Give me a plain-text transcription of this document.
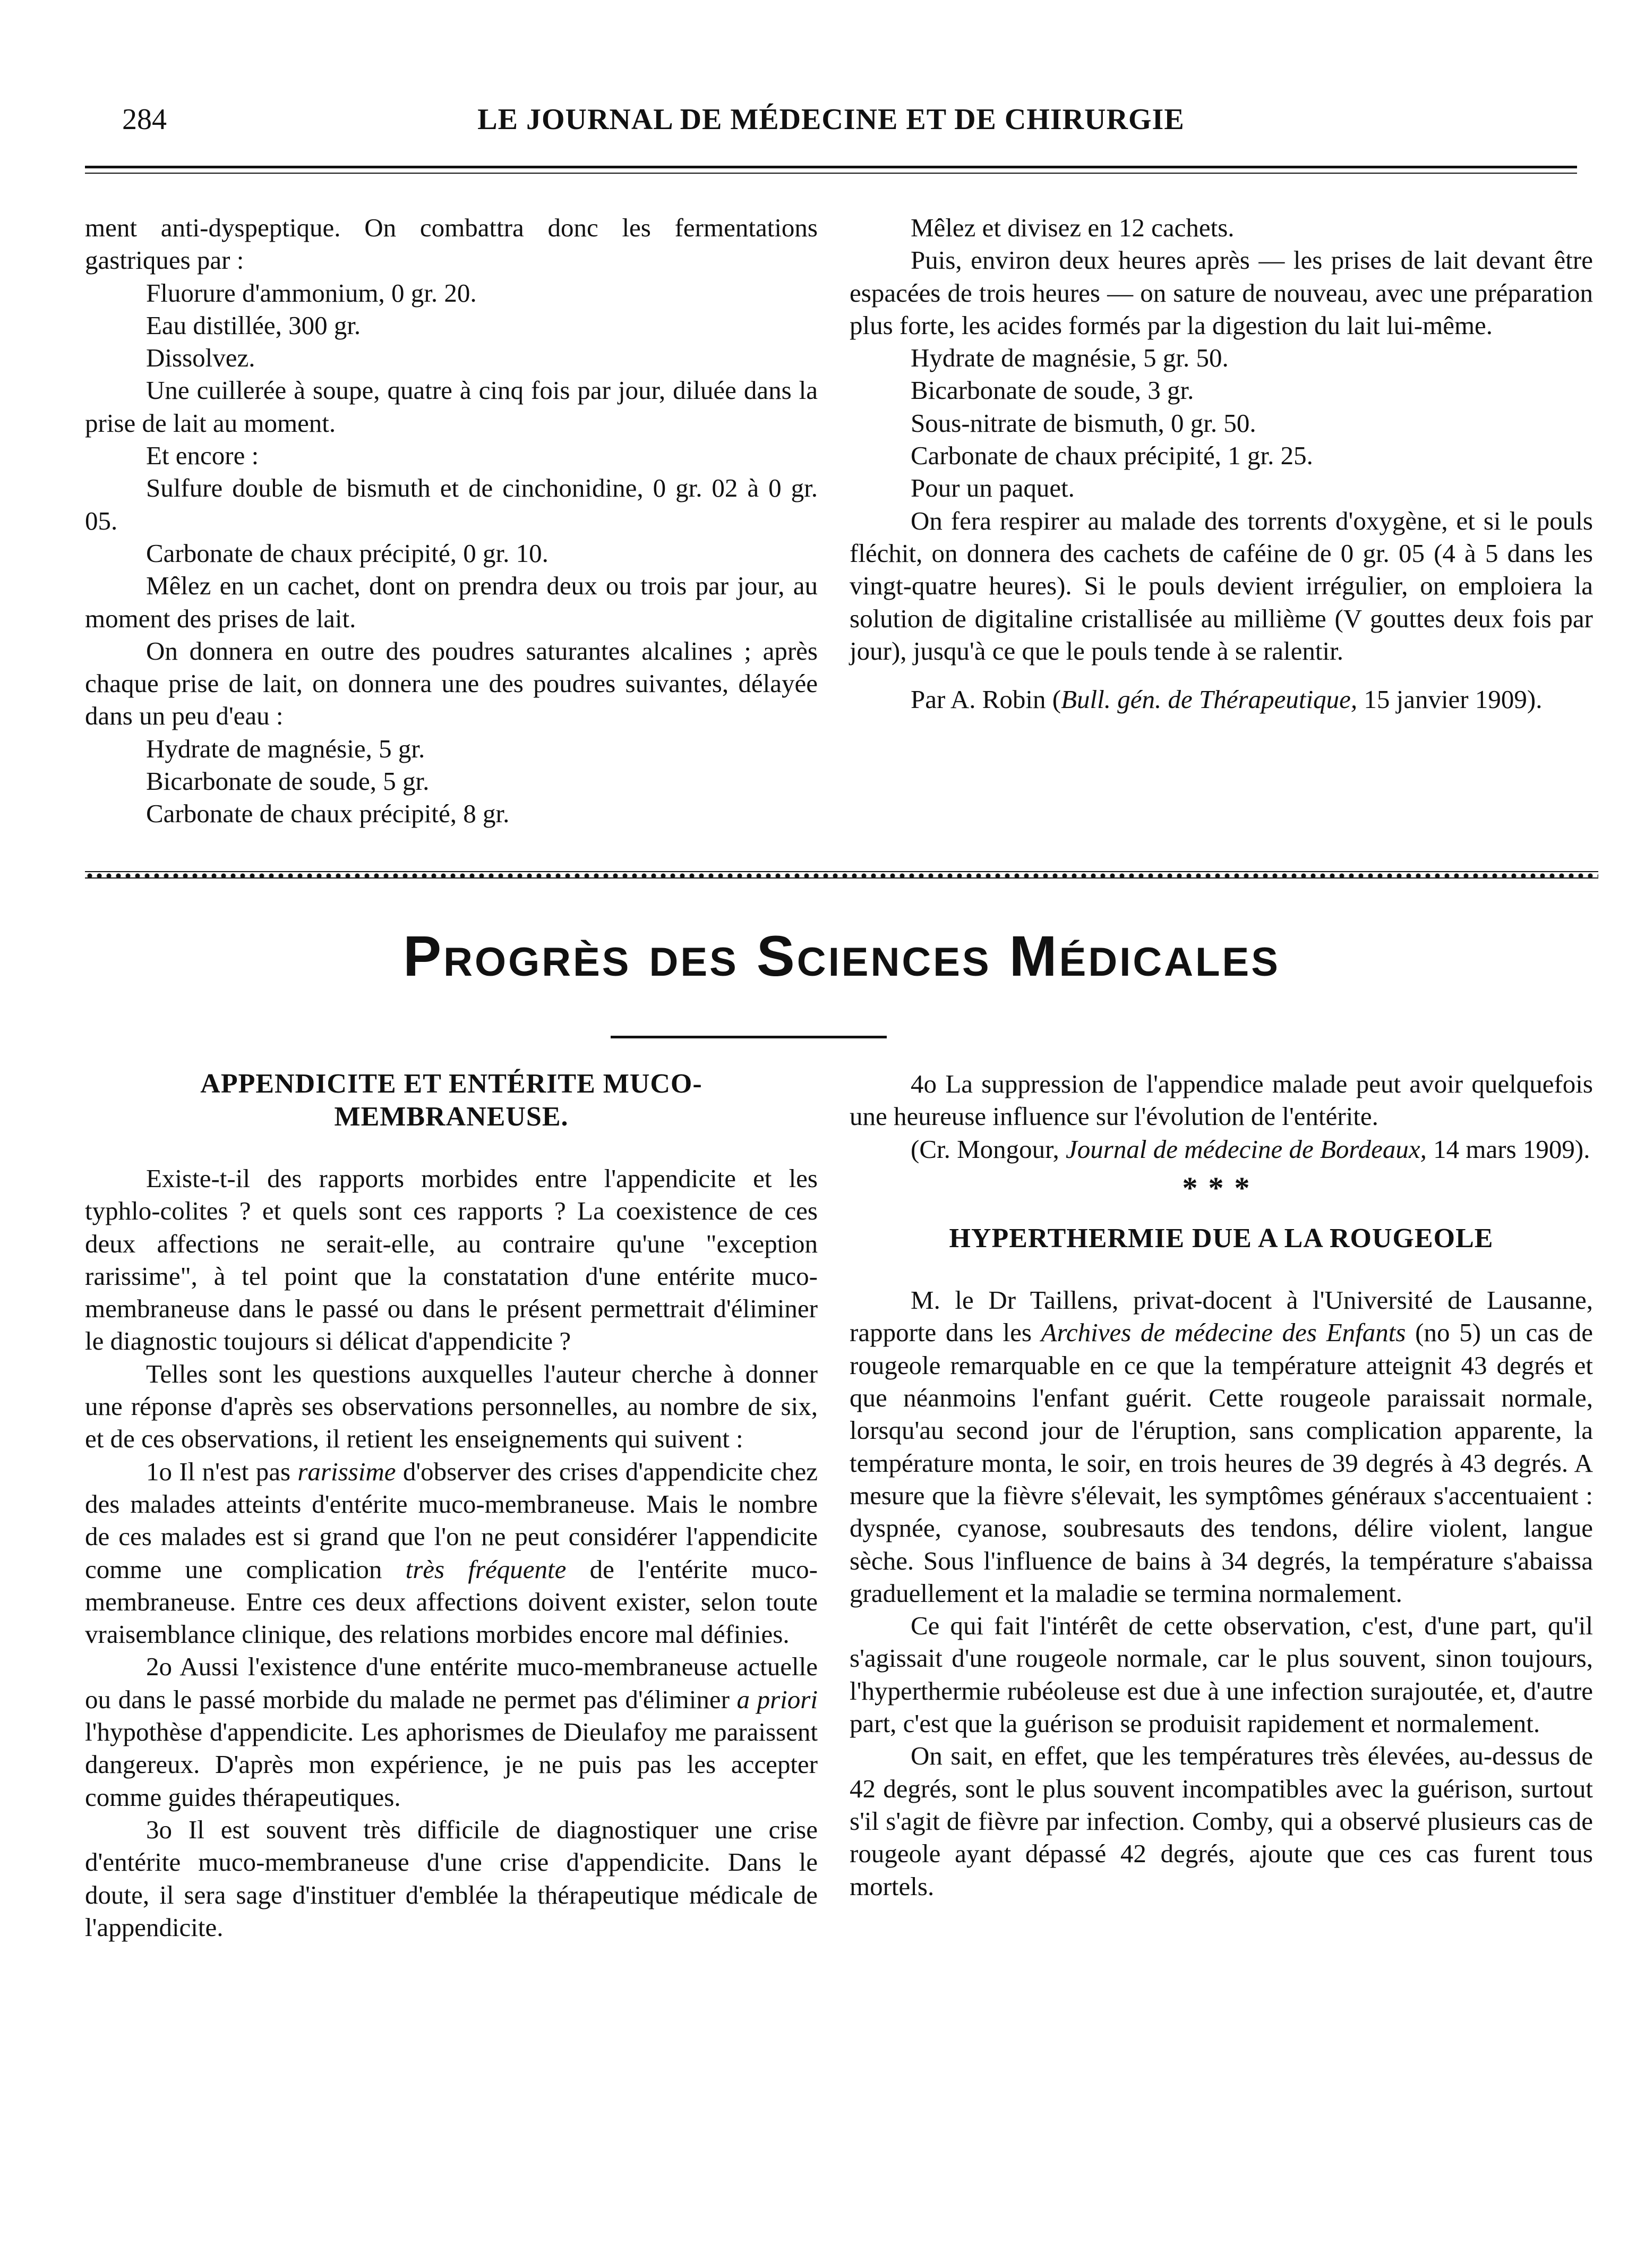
284	LE JOURNAL DE MÉDECINE ET DE CHIRURGIE

ment anti-dyspeptique. On combattra donc les fermentations gastriques par :

Fluorure d'ammonium, 0 gr. 20.

Eau distillée, 300 gr.

Dissolvez.

Une cuillerée à soupe, quatre à cinq fois par jour, diluée dans la prise de lait au moment.

Et encore :

Sulfure double de bismuth et de cinchonidine, 0 gr. 02 à 0 gr. 05.

Carbonate de chaux précipité, 0 gr. 10.

Mêlez en un cachet, dont on prendra deux ou trois par jour, au moment des prises de lait.

On donnera en outre des poudres saturantes alcalines ; après chaque prise de lait, on donnera une des poudres suivantes, délayée dans un peu d'eau :

Hydrate de magnésie, 5 gr.

Bicarbonate de soude, 5 gr.

Carbonate de chaux précipité, 8 gr.

Mêlez et divisez en 12 cachets.

Puis, environ deux heures après — les prises de lait devant être espacées de trois heures — on sature de nouveau, avec une préparation plus forte, les acides formés par la digestion du lait lui-même.

Hydrate de magnésie, 5 gr. 50.

Bicarbonate de soude, 3 gr.

Sous-nitrate de bismuth, 0 gr. 50.

Carbonate de chaux précipité, 1 gr. 25.

Pour un paquet.

On fera respirer au malade des torrents d'oxygène, et si le pouls fléchit, on donnera des cachets de caféine de 0 gr. 05 (4 à 5 dans les vingt-quatre heures). Si le pouls devient irrégulier, on emploiera la solution de digitaline cristallisée au millième (V gouttes deux fois par jour), jusqu'à ce que le pouls tende à se ralentir.

Par A. Robin (Bull. gén. de Thérapeutique, 15 janvier 1909).

Progrès des Sciences Médicales
APPENDICITE ET ENTÉRITE MUCO-MEMBRANEUSE.

Existe-t-il des rapports morbides entre l'appendicite et les typhlo-colites ? et quels sont ces rapports ? La coexistence de ces deux affections ne serait-elle, au contraire qu'une "exception rarissime", à tel point que la constatation d'une entérite muco-membraneuse dans le passé ou dans le présent permettrait d'éliminer le diagnostic toujours si délicat d'appendicite ?

Telles sont les questions auxquelles l'auteur cherche à donner une réponse d'après ses observations personnelles, au nombre de six, et de ces observations, il retient les enseignements qui suivent :

1o Il n'est pas rarissime d'observer des crises d'appendicite chez des malades atteints d'entérite muco-membraneuse. Mais le nombre de ces malades est si grand que l'on ne peut considérer l'appendicite comme une complication très fréquente de l'entérite muco-membraneuse. Entre ces deux affections doivent exister, selon toute vraisemblance clinique, des relations morbides encore mal définies.

2o Aussi l'existence d'une entérite muco-membraneuse actuelle ou dans le passé morbide du malade ne permet pas d'éliminer a priori l'hypothèse d'appendicite. Les aphorismes de Dieulafoy me paraissent dangereux. D'après mon expérience, je ne puis pas les accepter comme guides thérapeutiques.

3o Il est souvent très difficile de diagnostiquer une crise d'entérite muco-membraneuse d'une crise d'appendicite. Dans le doute, il sera sage d'instituer d'emblée la thérapeutique médicale de l'appendicite.

4o La suppression de l'appendice malade peut avoir quelquefois une heureuse influence sur l'évolution de l'entérite.

(Cr. Mongour, Journal de médecine de Bordeaux, 14 mars 1909).

***
HYPERTHERMIE DUE A LA ROUGEOLE

M. le Dr Taillens, privat-docent à l'Université de Lausanne, rapporte dans les Archives de médecine des Enfants (no 5) un cas de rougeole remarquable en ce que la température atteignit 43 degrés et que néanmoins l'enfant guérit. Cette rougeole paraissait normale, lorsqu'au second jour de l'éruption, sans complication apparente, la température monta, le soir, en trois heures de 39 degrés à 43 degrés. A mesure que la fièvre s'élevait, les symptômes généraux s'accentuaient : dyspnée, cyanose, soubresauts des tendons, délire violent, langue sèche. Sous l'influence de bains à 34 degrés, la température s'abaissa graduellement et la maladie se termina normalement.

Ce qui fait l'intérêt de cette observation, c'est, d'une part, qu'il s'agissait d'une rougeole normale, car le plus souvent, sinon toujours, l'hyperthermie rubéoleuse est due à une infection surajoutée, et, d'autre part, c'est que la guérison se produisit rapidement et normalement.

On sait, en effet, que les températures très élevées, au-dessus de 42 degrés, sont le plus souvent incompatibles avec la guérison, surtout s'il s'agit de fièvre par infection. Comby, qui a observé plusieurs cas de rougeole ayant dépassé 42 degrés, ajoute que ces cas furent tous mortels.
